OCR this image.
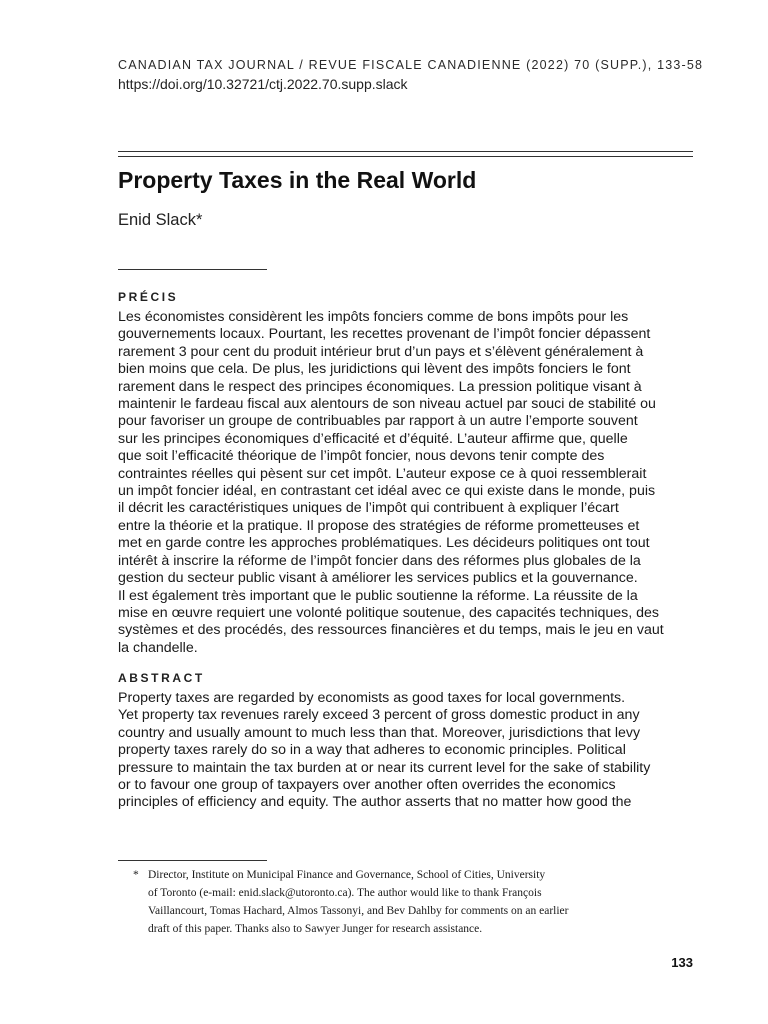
CANADIAN TAX JOURNAL / REVUE FISCALE CANADIENNE (2022) 70 (SUPP.), 133-58
https://doi.org/10.32721/ctj.2022.70.supp.slack
Property Taxes in the Real World
Enid Slack*
PRÉCIS
Les économistes considèrent les impôts fonciers comme de bons impôts pour les
gouvernements locaux. Pourtant, les recettes provenant de l’impôt foncier dépassent
rarement 3 pour cent du produit intérieur brut d’un pays et s’élèvent généralement à
bien moins que cela. De plus, les juridictions qui lèvent des impôts fonciers le font
rarement dans le respect des principes économiques. La pression politique visant à
maintenir le fardeau fiscal aux alentours de son niveau actuel par souci de stabilité ou
pour favoriser un groupe de contribuables par rapport à un autre l’emporte souvent
sur les principes économiques d’efficacité et d’équité. L’auteur affirme que, quelle
que soit l’efficacité théorique de l’impôt foncier, nous devons tenir compte des
contraintes réelles qui pèsent sur cet impôt. L’auteur expose ce à quoi ressemblerait
un impôt foncier idéal, en contrastant cet idéal avec ce qui existe dans le monde, puis
il décrit les caractéristiques uniques de l’impôt qui contribuent à expliquer l’écart
entre la théorie et la pratique. Il propose des stratégies de réforme prometteuses et
met en garde contre les approches problématiques. Les décideurs politiques ont tout
intérêt à inscrire la réforme de l’impôt foncier dans des réformes plus globales de la
gestion du secteur public visant à améliorer les services publics et la gouvernance.
Il est également très important que le public soutienne la réforme. La réussite de la
mise en œuvre requiert une volonté politique soutenue, des capacités techniques, des
systèmes et des procédés, des ressources financières et du temps, mais le jeu en vaut
la chandelle.
ABSTRACT
Property taxes are regarded by economists as good taxes for local governments.
Yet property tax revenues rarely exceed 3 percent of gross domestic product in any
country and usually amount to much less than that. Moreover, jurisdictions that levy
property taxes rarely do so in a way that adheres to economic principles. Political
pressure to maintain the tax burden at or near its current level for the sake of stability
or to favour one group of taxpayers over another often overrides the economics
principles of efficiency and equity. The author asserts that no matter how good the
* Director, Institute on Municipal Finance and Governance, School of Cities, University
of Toronto (e-mail: enid.slack@utoronto.ca). The author would like to thank François
Vaillancourt, Tomas Hachard, Almos Tassonyi, and Bev Dahlby for comments on an earlier
draft of this paper. Thanks also to Sawyer Junger for research assistance.
133
